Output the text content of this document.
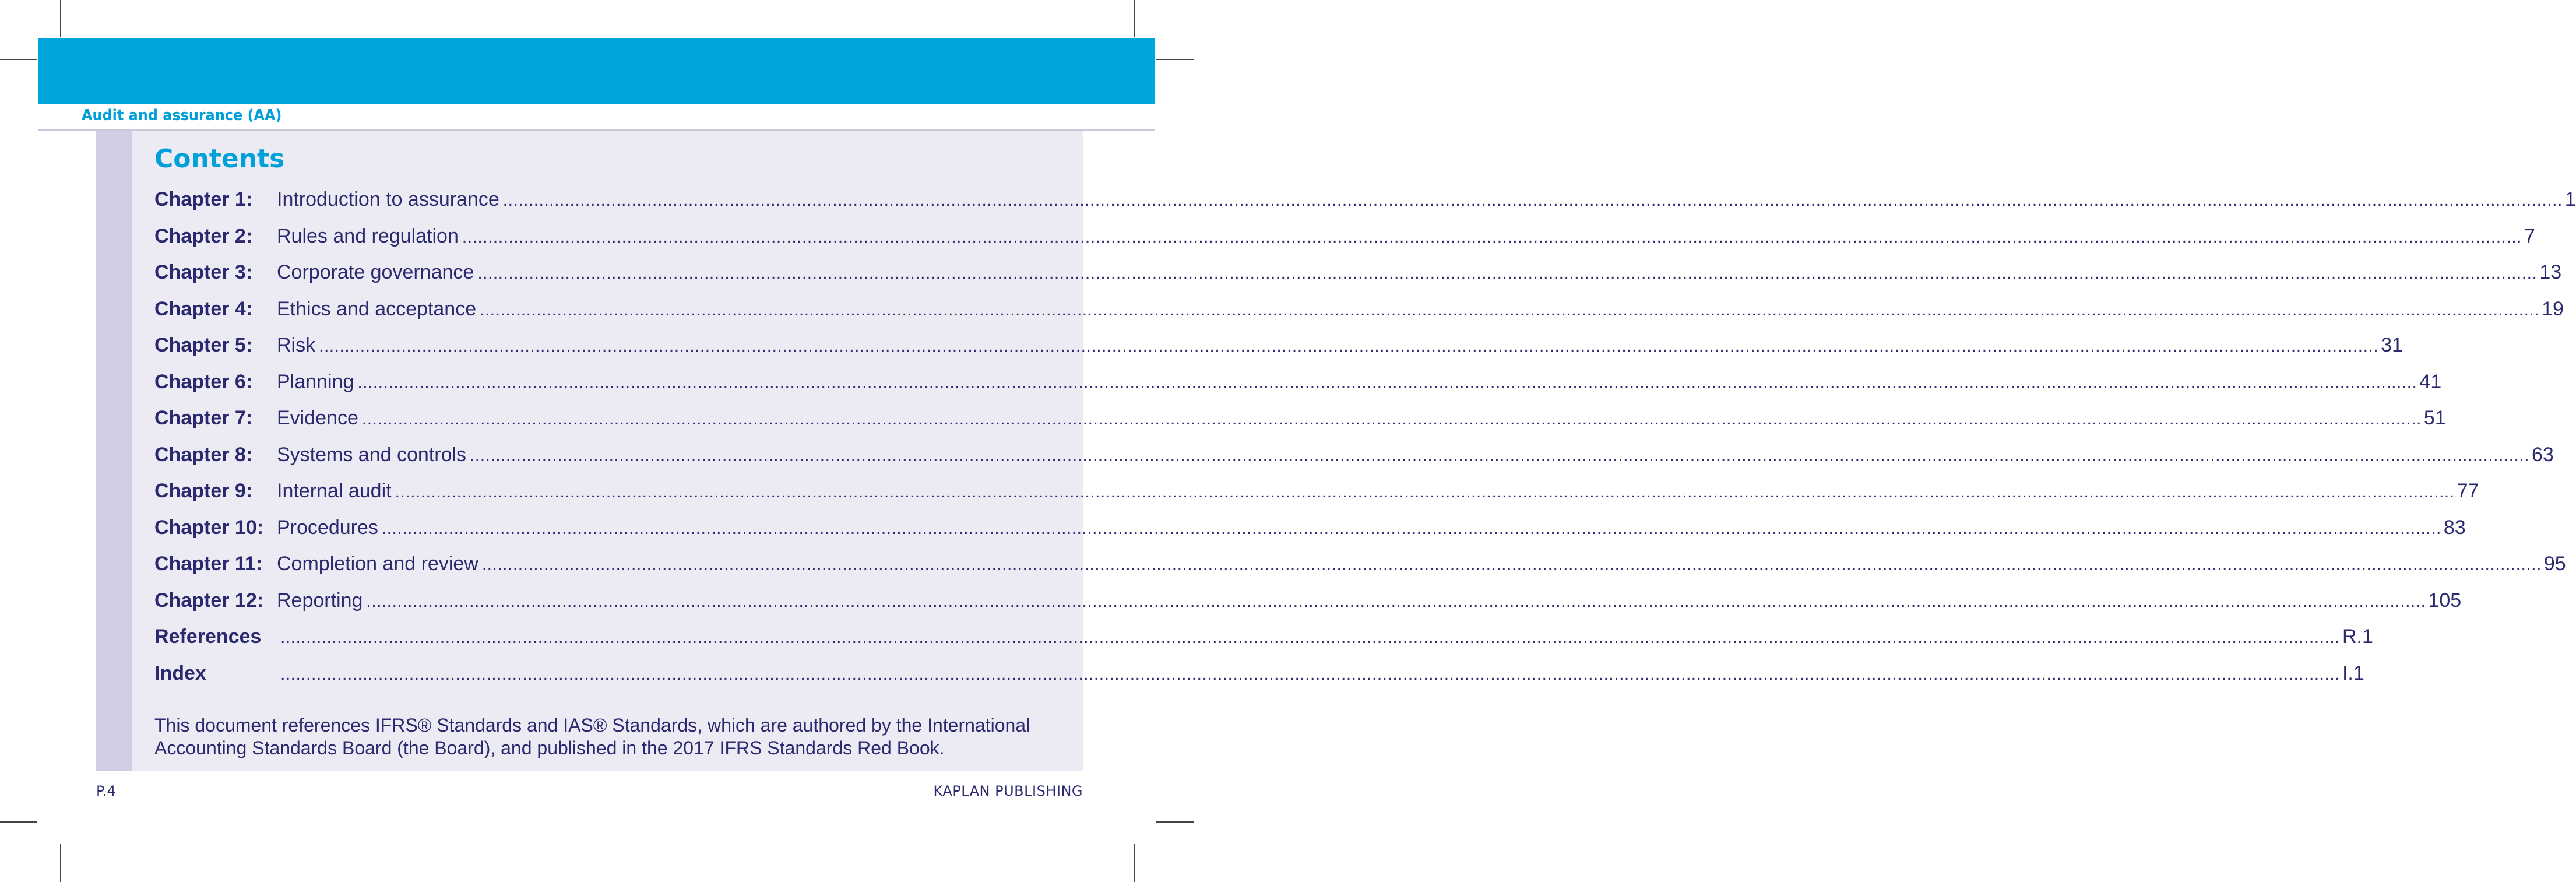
Audit and assurance (AA)
Contents
Chapter 1:	Introduction to assurance ................................................................................................................................................................................................................................................................................................................................................................................................................ 1
Chapter 2:	Rules and regulation ................................................................................................................................................................................................................................................................................................................................................................................................................ 7
Chapter 3:	Corporate governance ................................................................................................................................................................................................................................................................................................................................................................................................................ 13
Chapter 4:	Ethics and acceptance ................................................................................................................................................................................................................................................................................................................................................................................................................ 19
Chapter 5:	Risk ................................................................................................................................................................................................................................................................................................................................................................................................................ 31
Chapter 6:	Planning ................................................................................................................................................................................................................................................................................................................................................................................................................ 41
Chapter 7:	Evidence ................................................................................................................................................................................................................................................................................................................................................................................................................ 51
Chapter 8:	Systems and controls ................................................................................................................................................................................................................................................................................................................................................................................................................ 63
Chapter 9:	Internal audit ................................................................................................................................................................................................................................................................................................................................................................................................................ 77
Chapter 10: Procedures ................................................................................................................................................................................................................................................................................................................................................................................................................ 83
Chapter 11: Completion and review ................................................................................................................................................................................................................................................................................................................................................................................................................ 95
Chapter 12: Reporting ................................................................................................................................................................................................................................................................................................................................................................................................................ 105
References	................................................................................................................................................................................................................................................................................................................................................................................................................ R.1
Index	................................................................................................................................................................................................................................................................................................................................................................................................................ I.1

This document references IFRS® Standards and IAS® Standards, which are authored by the International Accounting Standards Board (the Board), and published in the 2017 IFRS Standards Red Book.

P.4	KAPLAN PUBLISHING
